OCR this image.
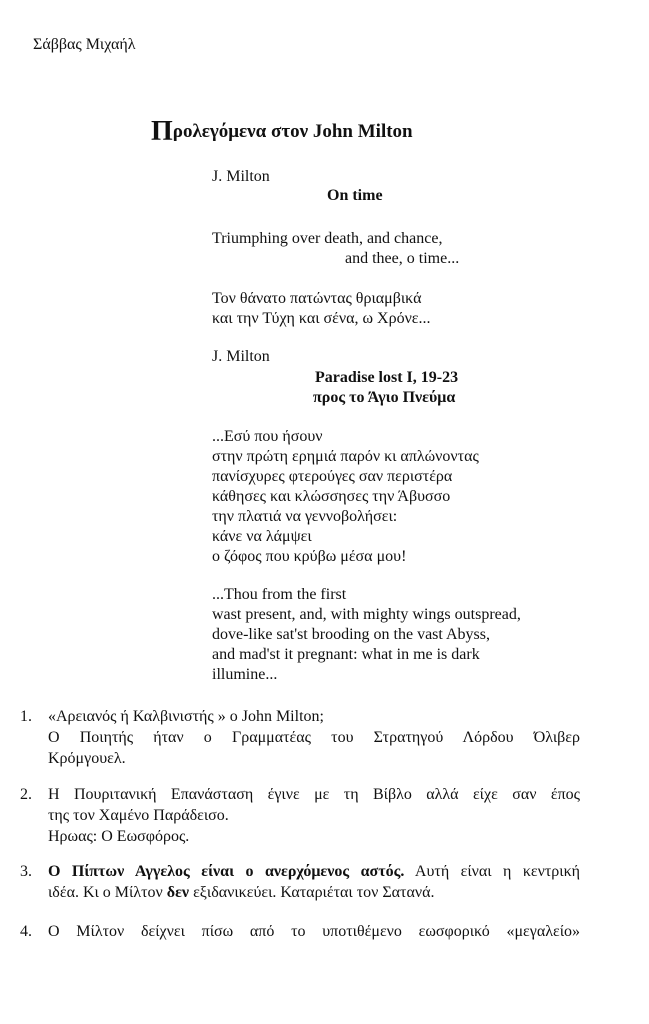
Σάββας Μιχαήλ
Προλεγόμενα στον John Milton
J. Milton
On time
Triumphing over death, and chance,
and thee, o time...
Τον θάνατο πατώντας θριαμβικά
και την Τύχη και σένα, ω Χρόνε...
J. Milton
Paradise lost I, 19-23
προς το Άγιο Πνεύμα
...Εσύ που ήσουν
στην πρώτη ερημιά παρόν κι απλώνοντας
πανίσχυρες φτερούγες σαν περιστέρα
κάθησες και κλώσσησες την Άβυσσο
την πλατιά να γεννοβολήσει:
κάνε να λάμψει
ο ζόφος που κρύβω μέσα μου!
...Thou from the first
wast present, and, with mighty wings outspread,
dove-like sat'st brooding on the vast Abyss,
and mad'st it pregnant: what in me is dark
illumine...
1.	«Αρειανός ή Καλβινιστής » ο John Milton;
Ο Ποιητής ήταν ο Γραμματέας του Στρατηγού Λόρδου Όλιβερ
Κρόμγουελ.
2.	Η Πουριτανική Επανάσταση έγινε με τη Βίβλο αλλά είχε σαν έπος
της τον Χαμένο Παράδεισο.
Ηρωας: Ο Εωσφόρος.
3.	Ο Πίπτων Αγγελος είναι ο ανερχόμενος αστός. Αυτή είναι η κεντρική
ιδέα. Κι ο Μίλτον δεν εξιδανικεύει. Καταριέται τον Σατανά.
4.	Ο Μίλτον δείχνει πίσω από το υποτιθέμενο εωσφορικό «μεγαλείο»
